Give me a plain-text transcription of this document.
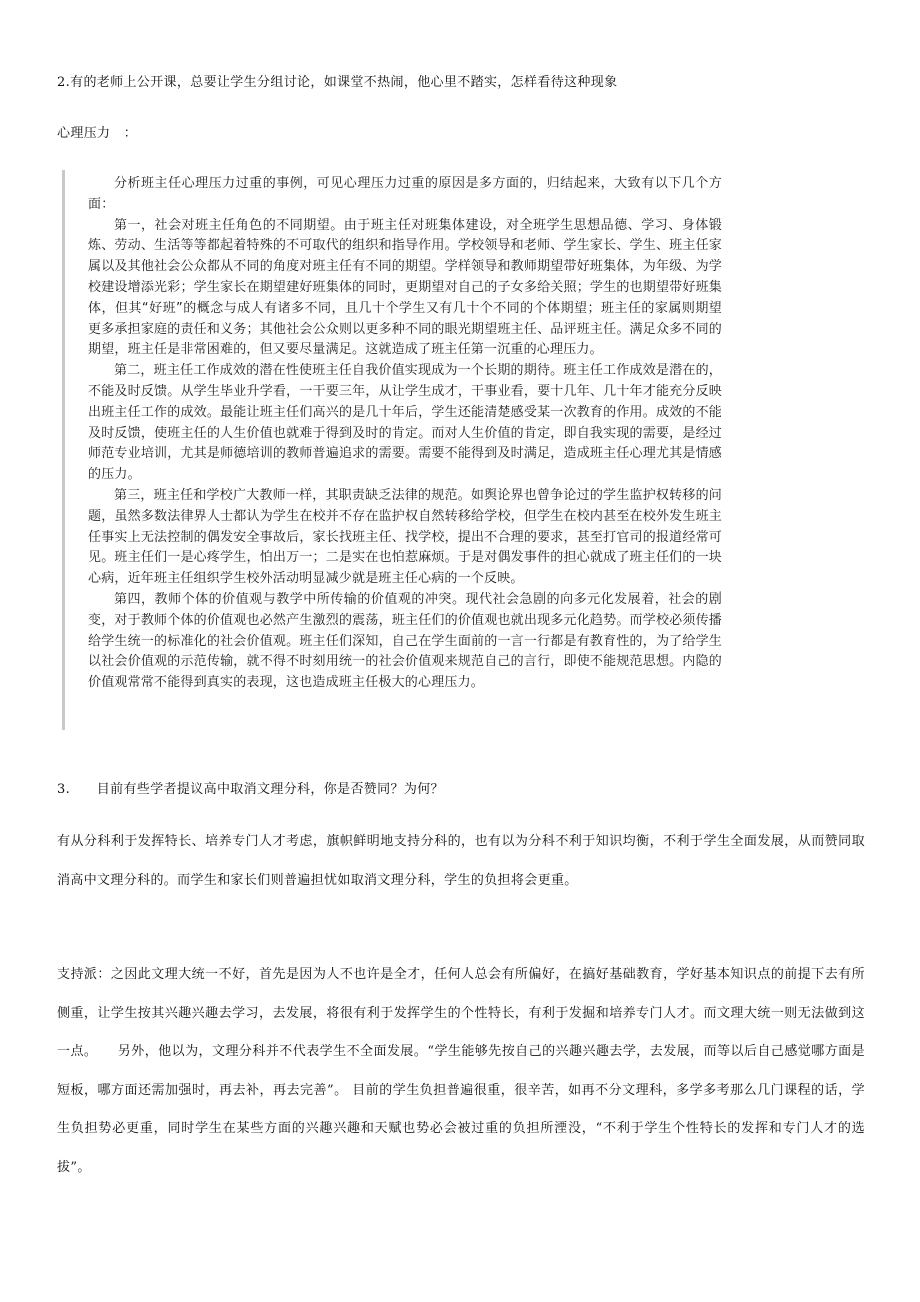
2.有的老师上公开课，总要让学生分组讨论，如课堂不热闹，他心里不踏实，怎样看待这种现象
心理压力　：

分析班主任心理压力过重的事例，可见心理压力过重的原因是多方面的，归结起来，大致有以下几个方面：

第一，社会对班主任角色的不同期望。由于班主任对班集体建设，对全班学生思想品德、学习、身体锻炼、劳动、生活等等都起着特殊的不可取代的组织和指导作用。学校领导和老师、学生家长、学生、班主任家属以及其他社会公众都从不同的角度对班主任有不同的期望。学样领导和教师期望带好班集体，为年级、为学校建设增添光彩；学生家长在期望建好班集体的同时，更期望对自己的子女多给关照；学生的也期望带好班集体，但其“好班”的概念与成人有诸多不同，且几十个学生又有几十个不同的个体期望；班主任的家属则期望更多承担家庭的责任和义务；其他社会公众则以更多种不同的眼光期望班主任、品评班主任。满足众多不同的期望，班主任是非常困难的，但又要尽量满足。这就造成了班主任第一沉重的心理压力。

第二，班主任工作成效的潜在性使班主任自我价值实现成为一个长期的期待。班主任工作成效是潜在的，不能及时反馈。从学生毕业升学看，一干要三年，从让学生成才，干事业看，要十几年、几十年才能充分反映出班主任工作的成效。最能让班主任们高兴的是几十年后，学生还能清楚感受某一次教育的作用。成效的不能及时反馈，使班主任的人生价值也就难于得到及时的肯定。而对人生价值的肯定，即自我实现的需要，是经过师范专业培训，尤其是师德培训的教师普遍追求的需要。需要不能得到及时满足，造成班主任心理尤其是情感的压力。

第三，班主任和学校广大教师一样，其职责缺乏法律的规范。如舆论界也曾争论过的学生监护权转移的问题，虽然多数法律界人士都认为学生在校并不存在监护权自然转移给学校，但学生在校内甚至在校外发生班主任事实上无法控制的偶发安全事故后，家长找班主任、找学校，提出不合理的要求，甚至打官司的报道经常可见。班主任们一是心疼学生，怕出万一；二是实在也怕惹麻烦。于是对偶发事件的担心就成了班主任们的一块心病，近年班主任组织学生校外活动明显减少就是班主任心病的一个反映。

第四，教师个体的价值观与教学中所传输的价值观的冲突。现代社会急剧的向多元化发展着，社会的剧变，对于教师个体的价值观也必然产生激烈的震荡，班主任们的价值观也就出现多元化趋势。而学校必须传播给学生统一的标准化的社会价值观。班主任们深知，自己在学生面前的一言一行都是有教育性的，为了给学生以社会价值观的示范传输，就不得不时刻用统一的社会价值观来规范自己的言行，即使不能规范思想。内隐的价值观常常不能得到真实的表现，这也造成班主任极大的心理压力。

3.　　目前有些学者提议高中取消文理分科，你是否赞同？为何？

有从分科利于发挥特长、培养专门人才考虑，旗帜鲜明地支持分科的，也有以为分科不利于知识均衡，不利于学生全面发展，从而赞同取消高中文理分科的。而学生和家长们则普遍担忧如取消文理分科，学生的负担将会更重。

支持派：之因此文理大统一不好，首先是因为人不也许是全才，任何人总会有所偏好，在搞好基础教育，学好基本知识点的前提下去有所侧重，让学生按其兴趣兴趣去学习，去发展，将很有利于发挥学生的个性特长，有利于发掘和培养专门人才。而文理大统一则无法做到这一点。　　另外，他以为，文理分科并不代表学生不全面发展。“学生能够先按自己的兴趣兴趣去学，去发展，而等以后自己感觉哪方面是短板，哪方面还需加强时，再去补，再去完善”。 目前的学生负担普遍很重，很辛苦，如再不分文理科，多学多考那么几门课程的话，学生负担势必更重，同时学生在某些方面的兴趣兴趣和天赋也势必会被过重的负担所湮没，“不利于学生个性特长的发挥和专门人才的选拔”。
